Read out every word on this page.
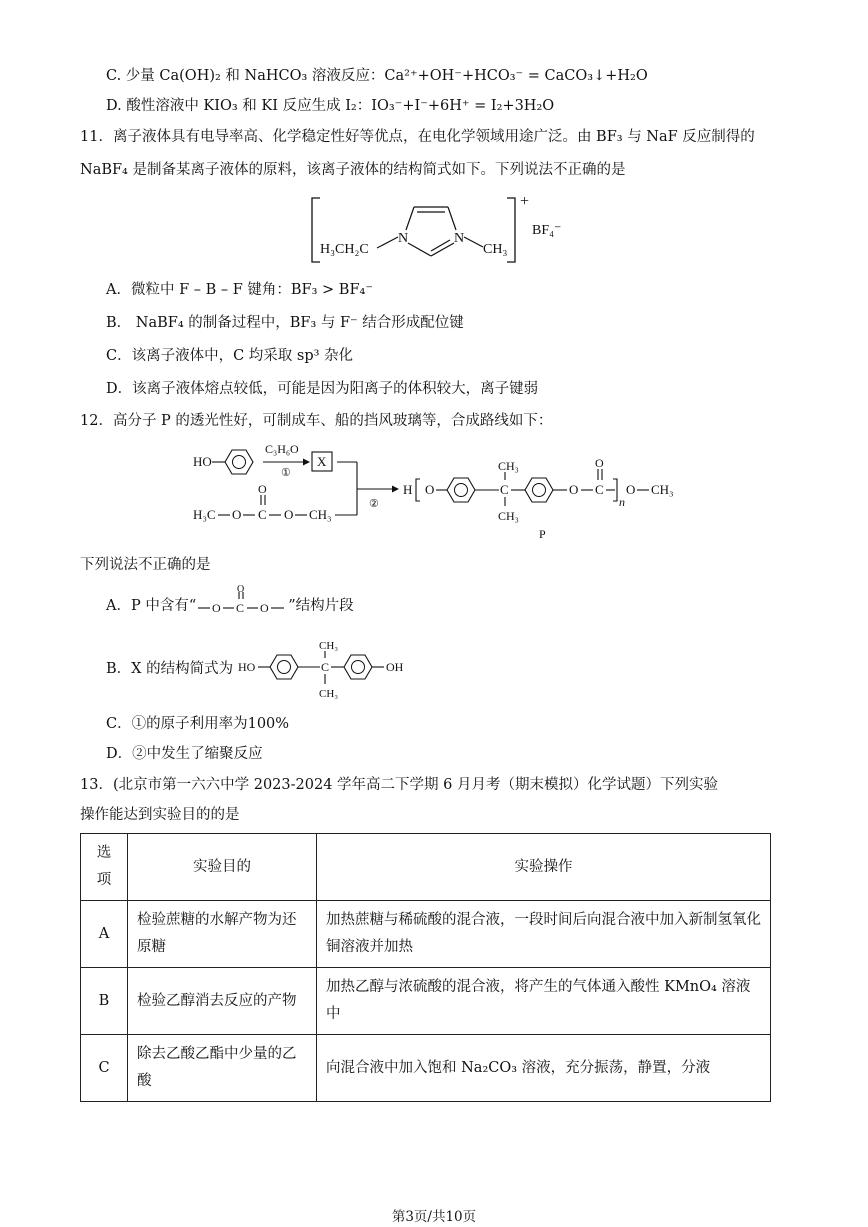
C. 少量 Ca(OH)₂ 和 NaHCO₃ 溶液反应：Ca²⁺+OH⁻+HCO₃⁻ = CaCO₃↓+H₂O
D. 酸性溶液中 KIO₃ 和 KI 反应生成 I₂：IO₃⁻+I⁻+6H⁺ = I₂+3H₂O
11．离子液体具有电导率高、化学稳定性好等优点，在电化学领域用途广泛。由 BF₃ 与 NaF 反应制得的
NaBF₄ 是制备某离子液体的原料，该离子液体的结构简式如下。下列说法不正确的是
H₃CH₂C
N	N
CH₃
+
BF₄⁻
A．微粒中 F – B – F 键角：BF₃ > BF₄⁻
B． NaBF₄ 的制备过程中，BF₃ 与 F⁻ 结合形成配位键
C．该离子液体中，C 均采取 sp³ 杂化
D．该离子液体熔点较低，可能是因为阳离子的体积较大，离子键弱
12．高分子 P 的透光性好，可制成车、船的挡风玻璃等，合成路线如下：
HO
C₃H₆O
①
X
②
H₃C O C
O
O CH₃
H O	C
CH₃
CH₃
O C
O
n
O CH₃
P
下列说法不正确的是
A．P 中含有“ O C
O
O ”结构片段
B．X 的结构简式为 HO	C
CH₃
CH₃
OH
C．①的原子利用率为100%
D．②中发生了缩聚反应
13．(北京市第一六六中学 2023-2024 学年高二下学期 6 月月考（期末模拟）化学试题）下列实验
操作能达到实验目的的是
选项	实验目的	实验操作
A	检验蔗糖的水解产物为还原糖	加热蔗糖与稀硫酸的混合液，一段时间后向混合液中加入新制氢氧化铜溶液并加热
B	检验乙醇消去反应的产物	加热乙醇与浓硫酸的混合液，将产生的气体通入酸性 KMnO₄ 溶液中
C	除去乙酸乙酯中少量的乙酸	向混合液中加入饱和 Na₂CO₃ 溶液，充分振荡，静置，分液
第3页/共10页
